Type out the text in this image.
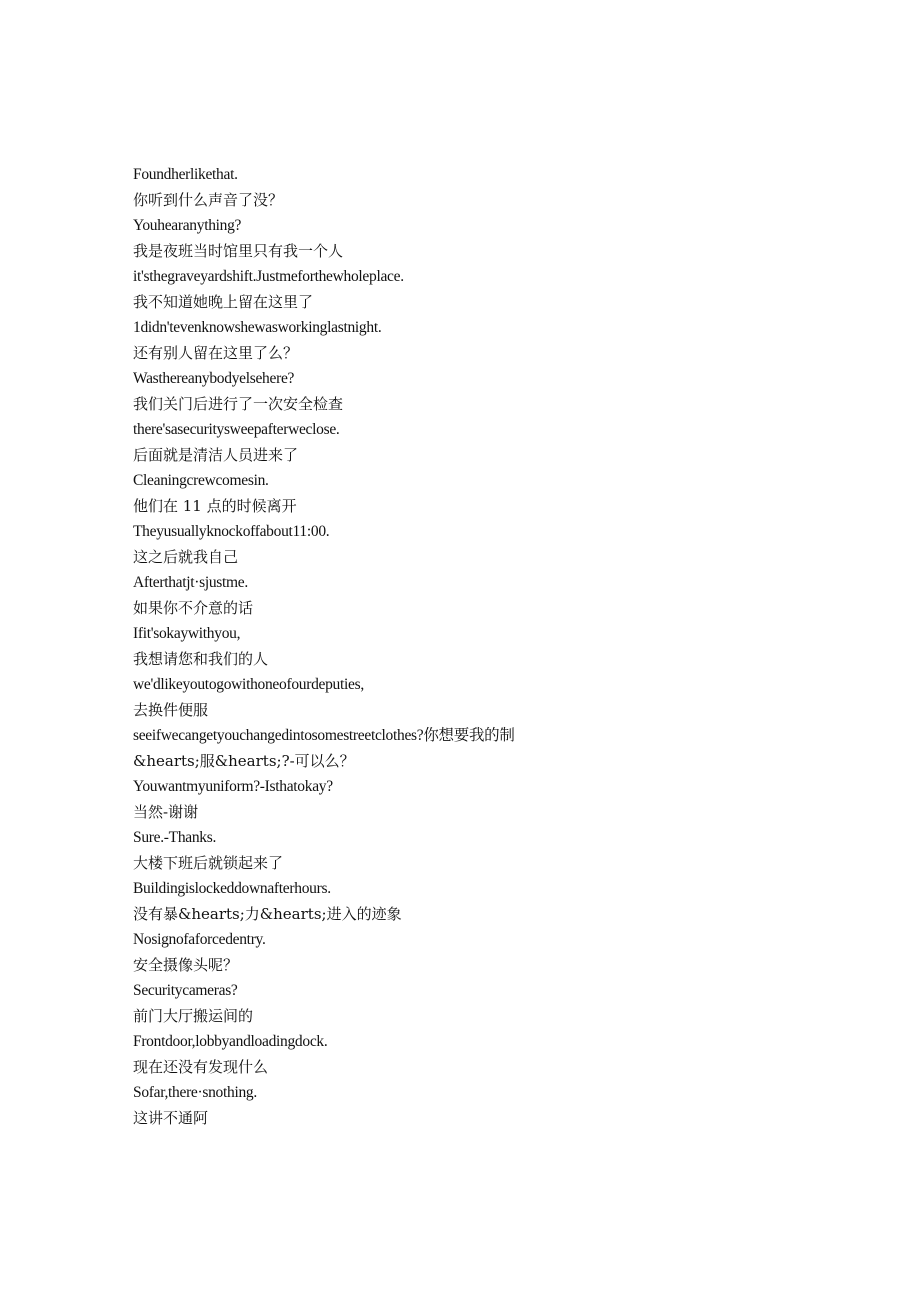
Foundherlikethat.
你听到什么声音了没？
Youhearanything?
我是夜班当时馆里只有我一个人
it'sthegraveyardshift.Justmeforthewholeplace.
我不知道她晚上留在这里了
1didn'tevenknowshewasworkinglastnight.
还有别人留在这里了么？
Wasthereanybodyelsehere?
我们关门后进行了一次安全检查
there'sasecuritysweepafterweclose.
后面就是清洁人员进来了
Cleaningcrewcomesin.
他们在 11 点的时候离开
Theyusuallyknockoffabout11:00.
这之后就我自己
Afterthatjt·sjustme.
如果你不介意的话
Ifit'sokaywithyou,
我想请您和我们的人
we'dlikeyoutogowithoneofourdeputies,
去换件便服
seeifwecangetyouchangedintosomestreetclothes?你想要我的制
&hearts;服&hearts;?-可以么？
Youwantmyuniform?-Isthatokay?
当然-谢谢
Sure.-Thanks.
大楼下班后就锁起来了
Buildingislockeddownafterhours.
没有暴&hearts;力&hearts;进入的迹象
Nosignofaforcedentry.
安全摄像头呢？
Securitycameras?
前门大厅搬运间的
Frontdoor,lobbyandloadingdock.
现在还没有发现什么
Sofar,there·snothing.
这讲不通阿
